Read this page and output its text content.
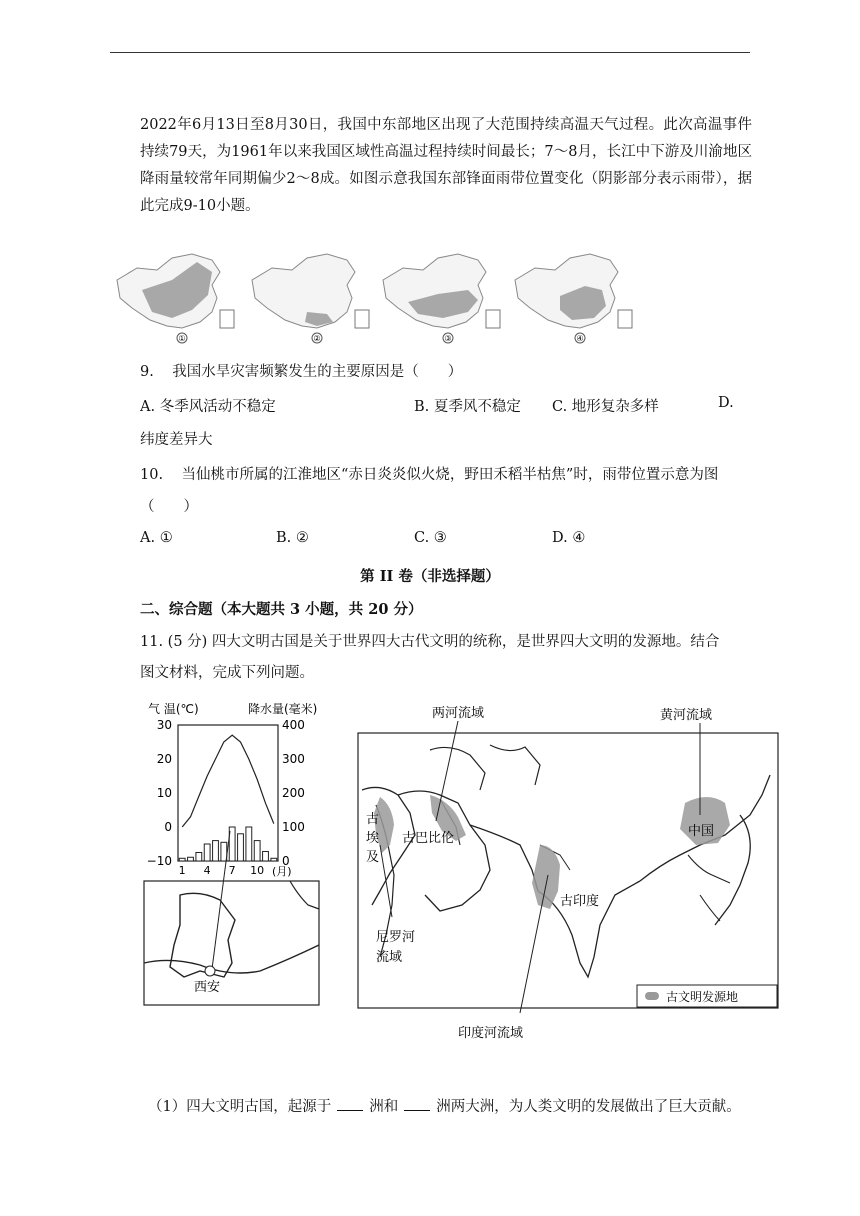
2022年6月13日至8月30日，我国中东部地区出现了大范围持续高温天气过程。此次高温事件持续79天，为1961年以来我国区域性高温过程持续时间最长；7～8月，长江中下游及川渝地区降雨量较常年同期偏少2～8成。如图示意我国东部锋面雨带位置变化（阴影部分表示雨带），据此完成9-10小题。
①	②	③	④
9. 我国水旱灾害频繁发生的主要原因是（　　）
A. 冬季风活动不稳定	B. 夏季风不稳定 C. 地形复杂多样	D.
纬度差异大
10. 当仙桃市所属的江淮地区“赤日炎炎似火烧，野田禾稻半枯焦”时，雨带位置示意为图
（　　）
A. ①	B. ②	C. ③	D. ④
第 II 卷（非选择题）
二、综合题（本大题共 3 小题，共 20 分）
11. (5 分) 四大文明古国是关于世界四大古代文明的统称，是世界四大文明的发源地。结合
图文材料，完成下列问题。
气 温(℃)	降水量(毫米)
30
20
10
0
−10
400
300
200
100
0
1 4 7 10 (月)
西安
两河流域	黄河流域
古埃及
古巴比伦	中国
古印度
尼罗河
流域
印度河流域
古文明发源地
（1）四大文明古国，起源于	洲和	洲两大洲，为人类文明的发展做出了巨大贡献。
